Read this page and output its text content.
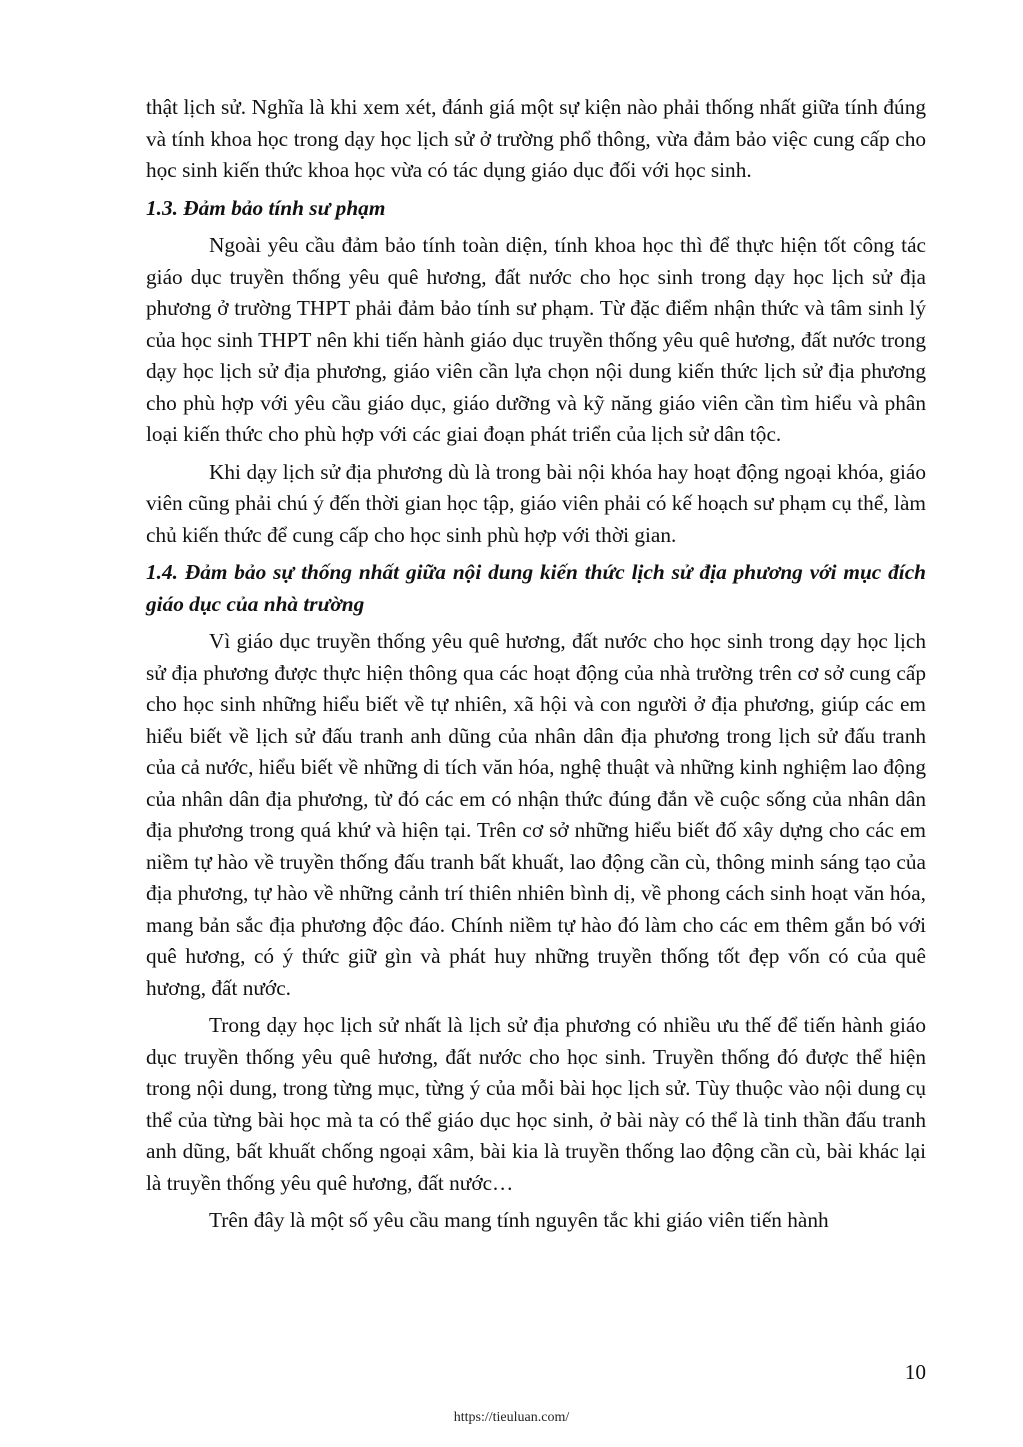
thật lịch sử. Nghĩa là khi xem xét, đánh giá một sự kiện nào phải thống nhất giữa tính đúng và tính khoa học trong dạy học lịch sử ở trường phổ thông, vừa đảm bảo việc cung cấp cho học sinh kiến thức khoa học vừa có tác dụng giáo dục đối với học sinh.

1.3. Đảm bảo tính sư phạm

Ngoài yêu cầu đảm bảo tính toàn diện, tính khoa học thì để thực hiện tốt công tác giáo dục truyền thống yêu quê hương, đất nước cho học sinh trong dạy học lịch sử địa phương ở trường THPT phải đảm bảo tính sư phạm. Từ đặc điểm nhận thức và tâm sinh lý của học sinh THPT nên khi tiến hành giáo dục truyền thống yêu quê hương, đất nước trong dạy học lịch sử địa phương, giáo viên cần lựa chọn nội dung kiến thức lịch sử địa phương cho phù hợp với yêu cầu giáo dục, giáo dưỡng và kỹ năng giáo viên cần tìm hiểu và phân loại kiến thức cho phù hợp với các giai đoạn phát triển của lịch sử dân tộc.

Khi dạy lịch sử địa phương dù là trong bài nội khóa hay hoạt động ngoại khóa, giáo viên cũng phải chú ý đến thời gian học tập, giáo viên phải có kế hoạch sư phạm cụ thể, làm chủ kiến thức để cung cấp cho học sinh phù hợp với thời gian.

1.4. Đảm bảo sự thống nhất giữa nội dung kiến thức lịch sử địa phương với mục đích giáo dục của nhà trường

Vì giáo dục truyền thống yêu quê hương, đất nước cho học sinh trong dạy học lịch sử địa phương được thực hiện thông qua các hoạt động của nhà trường trên cơ sở cung cấp cho học sinh những hiểu biết về tự nhiên, xã hội và con người ở địa phương, giúp các em hiểu biết về lịch sử đấu tranh anh dũng của nhân dân địa phương trong lịch sử đấu tranh của cả nước, hiểu biết về những di tích văn hóa, nghệ thuật và những kinh nghiệm lao động của nhân dân địa phương, từ đó các em có nhận thức đúng đắn về cuộc sống của nhân dân địa phương trong quá khứ và hiện tại. Trên cơ sở những hiểu biết đố xây dựng cho các em niềm tự hào về truyền thống đấu tranh bất khuất, lao động cần cù, thông minh sáng tạo của địa phương, tự hào về những cảnh trí thiên nhiên bình dị, về phong cách sinh hoạt văn hóa, mang bản sắc địa phương độc đáo. Chính niềm tự hào đó làm cho các em thêm gắn bó với quê hương, có ý thức giữ gìn và phát huy những truyền thống tốt đẹp vốn có của quê hương, đất nước.

Trong dạy học lịch sử nhất là lịch sử địa phương có nhiều ưu thế để tiến hành giáo dục truyền thống yêu quê hương, đất nước cho học sinh. Truyền thống đó được thể hiện trong nội dung, trong từng mục, từng ý của mỗi bài học lịch sử. Tùy thuộc vào nội dung cụ thể của từng bài học mà ta có thể giáo dục học sinh, ở bài này có thể là tinh thần đấu tranh anh dũng, bất khuất chống ngoại xâm, bài kia là truyền thống lao động cần cù, bài khác lại là truyền thống yêu quê hương, đất nước…

Trên đây là một số yêu cầu mang tính nguyên tắc khi giáo viên tiến hành

10
https://tieuluan.com/
